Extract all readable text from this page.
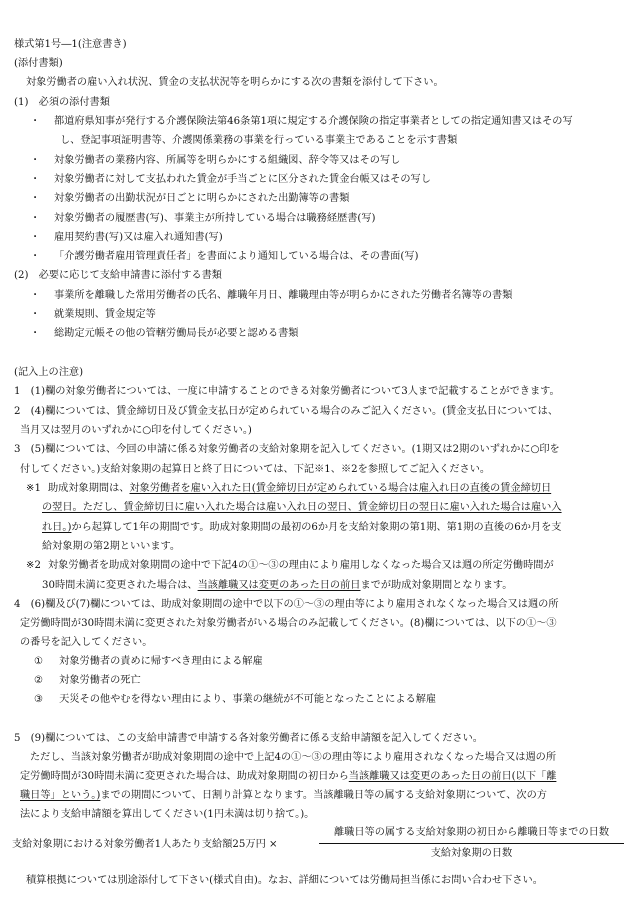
様式第1号―1(注意書き)
(添付書類)
対象労働者の雇い入れ状況、賃金の支払状況等を明らかにする次の書類を添付して下さい。
(1)　必須の添付書類
・ 都道府県知事が発行する介護保険法第46条第1項に規定する介護保険の指定事業者としての指定通知書又はその写
し、登記事項証明書等、介護関係業務の事業を行っている事業主であることを示す書類
・ 対象労働者の業務内容、所属等を明らかにする組織図、辞令等又はその写し
・ 対象労働者に対して支払われた賃金が手当ごとに区分された賃金台帳又はその写し
・ 対象労働者の出勤状況が日ごとに明らかにされた出勤簿等の書類
・ 対象労働者の履歴書(写)、事業主が所持している場合は職務経歴書(写)
・ 雇用契約書(写)又は雇入れ通知書(写)
・ 「介護労働者雇用管理責任者」を書面により通知している場合は、その書面(写)
(2)　必要に応じて支給申請書に添付する書類
・ 事業所を離職した常用労働者の氏名、離職年月日、離職理由等が明らかにされた労働者名簿等の書類
・ 就業規則、賃金規定等
・ 総勘定元帳その他の管轄労働局長が必要と認める書類
(記入上の注意)
1　(1)欄の対象労働者については、一度に申請することのできる対象労働者について3人まで記載することができます。
2　(4)欄については、賃金締切日及び賃金支払日が定められている場合のみご記入ください。(賃金支払日については、
当月又は翌月のいずれかに○印を付してください。)
3　(5)欄については、今回の申請に係る対象労働者の支給対象期を記入してください。(1期又は2期のいずれかに○印を
付してください。)支給対象期の起算日と終了日については、下記※1、※2を参照してご記入ください。
※1 助成対象期間は、対象労働者を雇い入れた日(賃金締切日が定められている場合は雇入れ日の直後の賃金締切日
の翌日。ただし、賃金締切日に雇い入れた場合は雇い入れ日の翌日、賃金締切日の翌日に雇い入れた場合は雇い入
れ日。)から起算して1年の期間です。助成対象期間の最初の6か月を支給対象期の第1期、第1期の直後の6か月を支
給対象期の第2期といいます。
※2 対象労働者を助成対象期間の途中で下記4の①～③の理由により雇用しなくなった場合又は週の所定労働時間が
30時間未満に変更された場合は、当該離職又は変更のあった日の前日までが助成対象期間となります。
4　(6)欄及び(7)欄については、助成対象期間の途中で以下の①～③の理由等により雇用されなくなった場合又は週の所
定労働時間が30時間未満に変更された対象労働者がいる場合のみ記載してください。(8)欄については、以下の①～③
の番号を記入してください。
① 対象労働者の責めに帰すべき理由による解雇
② 対象労働者の死亡
③ 天災その他やむを得ない理由により、事業の継続が不可能となったことによる解雇
5　(9)欄については、この支給申請書で申請する各対象労働者に係る支給申請額を記入してください。
ただし、当該対象労働者が助成対象期間の途中で上記4の①～③の理由等により雇用されなくなった場合又は週の所
定労働時間が30時間未満に変更された場合は、助成対象期間の初日から当該離職又は変更のあった日の前日(以下「離
職日等」という。)までの期間について、日割り計算となります。当該離職日等の属する支給対象期について、次の方
法により支給申請額を算出してください(1円未満は切り捨て。)。
支給対象期における対象労働者1人あたり支給額25万円 ×
離職日等の属する支給対象期の初日から離職日等までの日数
支給対象期の日数
積算根拠については別途添付して下さい(様式自由)。なお、詳細については労働局担当係にお問い合わせ下さい。
